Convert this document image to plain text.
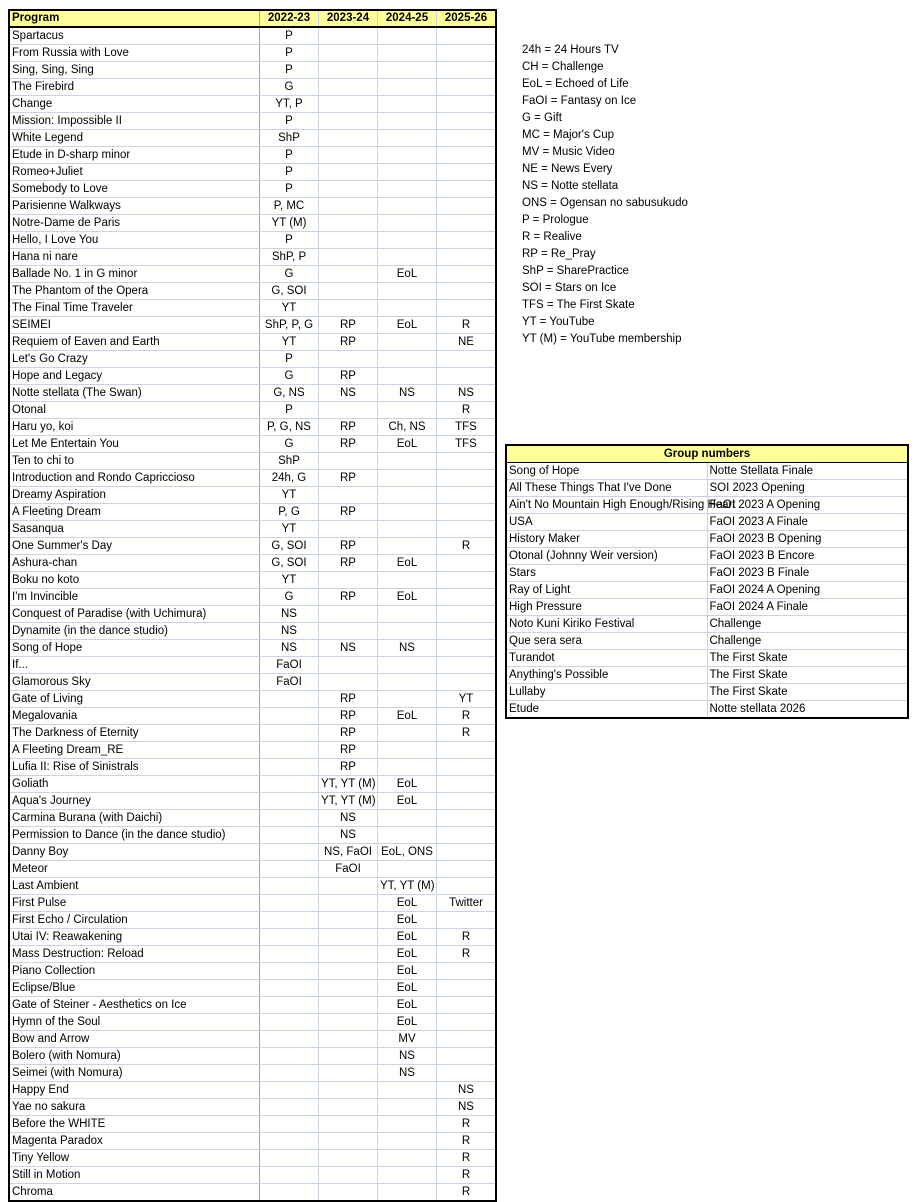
Program	2022-23	2023-24	2024-25	2025-26
Spartacus	P			
From Russia with Love	P			
Sing, Sing, Sing	P			
The Firebird	G			
Change	YT, P			
Mission: Impossible II	P			
White Legend	ShP			
Etude in D-sharp minor	P			
Romeo+Juliet	P			
Somebody to Love	P			
Parisienne Walkways	P, MC			
Notre-Dame de Paris	YT (M)			
Hello, I Love You	P			
Hana ni nare	ShP, P			
Ballade No. 1 in G minor	G		EoL	
The Phantom of the Opera	G, SOI			
The Final Time Traveler	YT			
SEIMEI	ShP, P, G	RP	EoL	R
Requiem of Eaven and Earth	YT	RP		NE
Let's Go Crazy	P			
Hope and Legacy	G	RP		
Notte stellata (The Swan)	G, NS	NS	NS	NS
Otonal	P			R
Haru yo, koi	P, G, NS	RP	Ch, NS	TFS
Let Me Entertain You	G	RP	EoL	TFS
Ten to chi to	ShP			
Introduction and Rondo Capriccioso	24h, G	RP		
Dreamy Aspiration	YT			
A Fleeting Dream	P, G	RP		
Sasanqua	YT			
One Summer's Day	G, SOI	RP		R
Ashura-chan	G, SOI	RP	EoL	
Boku no koto	YT			
I'm Invincible	G	RP	EoL	
Conquest of Paradise (with Uchimura)	NS			
Dynamite (in the dance studio)	NS			
Song of Hope	NS	NS	NS	
If...	FaOI			
Glamorous Sky	FaOI			
Gate of Living		RP		YT
Megalovania		RP	EoL	R
The Darkness of Eternity		RP		R
A Fleeting Dream_RE		RP		
Lufia II: Rise of Sinistrals		RP		
Goliath		YT, YT (M)	EoL	
Aqua's Journey		YT, YT (M)	EoL	
Carmina Burana (with Daichi)		NS		
Permission to Dance (in the dance studio)		NS		
Danny Boy		NS, FaOI	EoL, ONS	
Meteor		FaOI		
Last Ambient			YT, YT (M)	
First Pulse			EoL	Twitter
First Echo / Circulation			EoL	
Utai IV: Reawakening			EoL	R
Mass Destruction: Reload			EoL	R
Piano Collection			EoL	
Eclipse/Blue			EoL	
Gate of Steiner - Aesthetics on Ice			EoL	
Hymn of the Soul			EoL	
Bow and Arrow			MV	
Bolero (with Nomura)			NS	
Seimei (with Nomura)			NS	
Happy End				NS
Yae no sakura				NS
Before the WHITE				R
Magenta Paradox				R
Tiny Yellow				R
Still in Motion				R
Chroma				R
24h = 24 Hours TV
CH = Challenge
EoL = Echoed of Life
FaOI = Fantasy on Ice
G = Gift
MC = Major's Cup
MV = Music Video
NE = News Every
NS = Notte stellata
ONS = Ogensan no sabusukudo
P = Prologue
R = Realive
RP = Re_Pray
ShP = SharePractice
SOI = Stars on Ice
TFS = The First Skate
YT = YouTube
YT (M) = YouTube membership
Group numbers	
Song of Hope	Notte Stellata Finale
All These Things That I've Done	SOI 2023 Opening
Ain't No Mountain High Enough/Rising Heart	FaOI 2023 A Opening
USA	FaOI 2023 A Finale
History Maker	FaOI 2023 B Opening
Otonal (Johnny Weir version)	FaOI 2023 B Encore
Stars	FaOI 2023 B Finale
Ray of Light	FaOI 2024 A Opening
High Pressure	FaOI 2024 A Finale
Noto Kuni Kiriko Festival	Challenge
Que sera sera	Challenge
Turandot	The First Skate
Anything's Possible	The First Skate
Lullaby	The First Skate
Etude	Notte stellata 2026
